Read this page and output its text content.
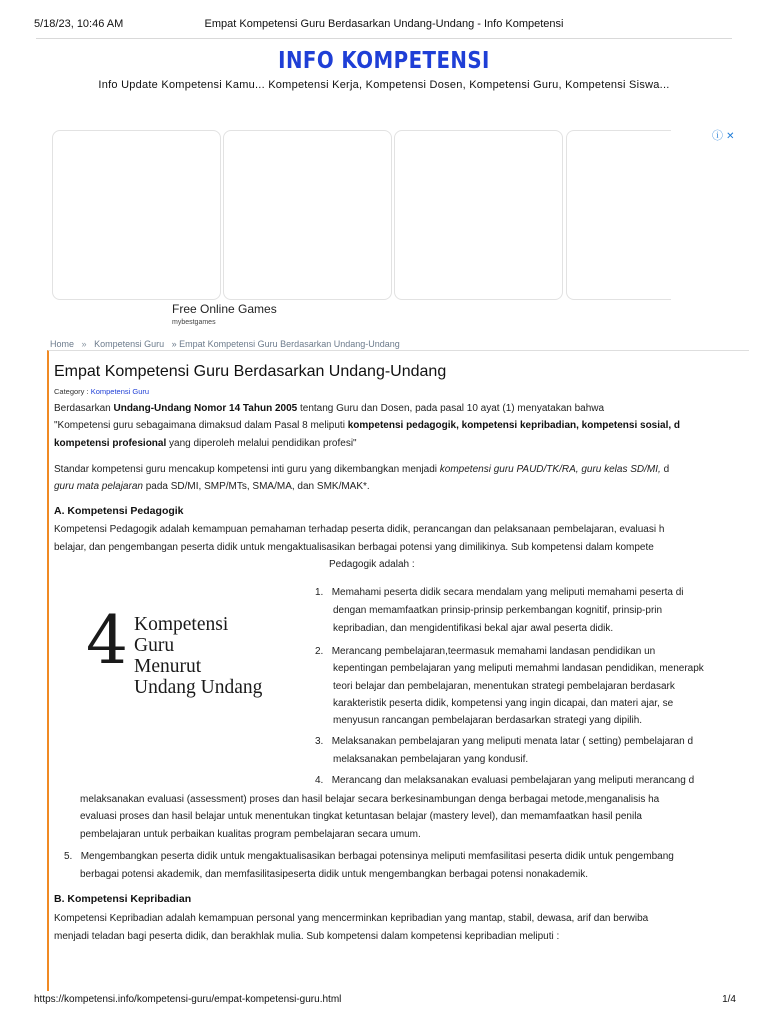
5/18/23, 10:46 AM	Empat Kompetensi Guru Berdasarkan Undang-Undang - Info Kompetensi
INFO KOMPETENSI
Info Update Kompetensi Kamu... Kompetensi Kerja, Kompetensi Dosen, Kompetensi Guru, Kompetensi Siswa...
ⓘ ✕
Free Online Games
mybestgames
Home » Kompetensi Guru » Empat Kompetensi Guru Berdasarkan Undang-Undang
Empat Kompetensi Guru Berdasarkan Undang-Undang
Category : Kompetensi Guru
Berdasarkan Undang-Undang Nomor 14 Tahun 2005 tentang Guru dan Dosen, pada pasal 10 ayat (1) menyatakan bahwa
"Kompetensi guru sebagaimana dimaksud dalam Pasal 8 meliputi kompetensi pedagogik, kompetensi kepribadian, kompetensi sosial, d
kompetensi profesional yang diperoleh melalui pendidikan profesi"
Standar kompetensi guru mencakup kompetensi inti guru yang dikembangkan menjadi kompetensi guru PAUD/TK/RA, guru kelas SD/MI, d
guru mata pelajaran pada SD/MI, SMP/MTs, SMA/MA, dan SMK/MAK*.
A. Kompetensi Pedagogik
Kompetensi Pedagogik adalah kemampuan pemahaman terhadap peserta didik, perancangan dan pelaksanaan pembelajaran, evaluasi h
belajar, dan pengembangan peserta didik untuk mengaktualisasikan berbagai potensi yang dimilikinya. Sub kompetensi dalam kompete
Pedagogik adalah :
4 Kompetensi
Guru
Menurut
Undang Undang
1.   Memahami peserta didik secara mendalam yang meliputi memahami peserta di
dengan memamfaatkan prinsip-prinsip perkembangan kognitif, prinsip-prin
kepribadian, dan mengidentifikasi bekal ajar awal peserta didik.
2.   Merancang pembelajaran,teermasuk memahami landasan pendidikan un
kepentingan pembelajaran yang meliputi memahmi landasan pendidikan, menerapk
teori belajar dan pembelajaran, menentukan strategi pembelajaran berdasark
karakteristik peserta didik, kompetensi yang ingin dicapai, dan materi ajar, se
menyusun rancangan pembelajaran berdasarkan strategi yang dipilih.
3.   Melaksanakan pembelajaran yang meliputi menata latar ( setting) pembelajaran d
melaksanakan pembelajaran yang kondusif.
4.   Merancang dan melaksanakan evaluasi pembelajaran yang meliputi merancang d
melaksanakan evaluasi (assessment) proses dan hasil belajar secara berkesinambungan denga berbagai metode,menganalisis ha
evaluasi proses dan hasil belajar untuk menentukan tingkat ketuntasan belajar (mastery level), dan memamfaatkan hasil penila
pembelajaran untuk perbaikan kualitas program pembelajaran secara umum.
5.   Mengembangkan peserta didik untuk mengaktualisasikan berbagai potensinya meliputi memfasilitasi peserta didik untuk pengembang
berbagai potensi akademik, dan memfasilitasipeserta didik untuk mengembangkan berbagai potensi nonakademik.
B. Kompetensi Kepribadian
Kompetensi Kepribadian adalah kemampuan personal yang mencerminkan kepribadian yang mantap, stabil, dewasa, arif dan berwiba
menjadi teladan bagi peserta didik, dan berakhlak mulia. Sub kompetensi dalam kompetensi kepribadian meliputi :
https://kompetensi.info/kompetensi-guru/empat-kompetensi-guru.html	1/4
